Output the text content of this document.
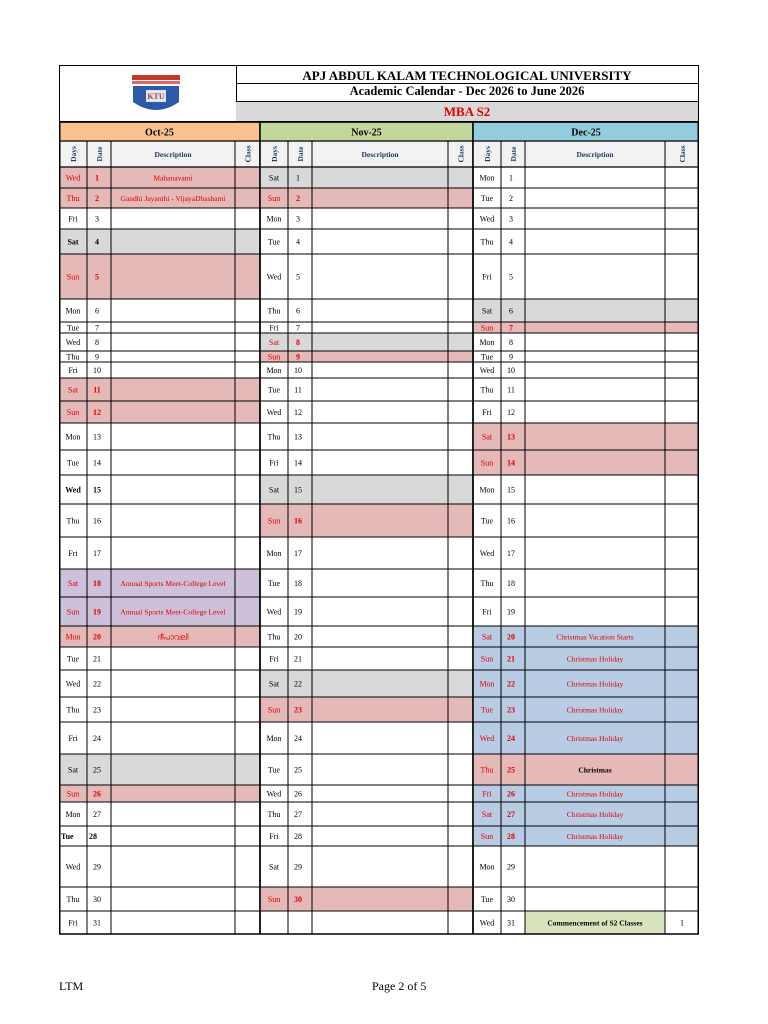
KTU
APJ ABDUL KALAM TECHNOLOGICAL UNIVERSITY
Academic Calendar - Dec 2026 to June 2026
MBA S2
Oct-25
Days Date	Description	Class
Wed 1	Mahanavami
Thu 2	Gandhi Jayanthi - VijayaDhashami
Fri 3
Sat 4
Sun 5
Mon 6
Tue 7
Wed 8
Thu 9
Fri 10
Sat 11
Sun 12
Mon 13
Tue 14
Wed 15
Thu 16
Fri 17
Sat 18	Annual Sports Meet-College Level
Sun 19	Annual Sports Meet-College Level
Mon 20	ദീപാവലി
Tue 21
Wed 22
Thu 23
Fri 24
Sat 25
Sun 26
Mon 27
Tue 28
Wed 29
Thu 30
Fri 31
Nov-25
Days Date	Description	Class
Sat 1
Sun 2
Mon 3
Tue 4
Wed 5
Thu 6
Fri 7
Sat 8
Sun 9
Mon 10
Tue 11
Wed 12
Thu 13
Fri 14
Sat 15
Sun 16
Mon 17
Tue 18
Wed 19
Thu 20
Fri 21
Sat 22
Sun 23
Mon 24
Tue 25
Wed 26
Thu 27
Fri 28
Sat 29
Sun 30
Dec-25
Days Date	Description	Class
Mon 1
Tue 2
Wed 3
Thu 4
Fri 5
Sat 6
Sun 7
Mon 8
Tue 9
Wed 10
Thu 11
Fri 12
Sat 13
Sun 14
Mon 15
Tue 16
Wed 17
Thu 18
Fri 19
Sat 20	Christmas Vacation Starts
Sun 21	Christmas Holiday
Mon 22	Christmas Holiday
Tue 23	Christmas Holiday
Wed 24	Christmas Holiday
Thu 25	Christmas
Fri 26	Christmas Holiday
Sat 27	Christmas Holiday
Sun 28	Christmas Holiday
Mon 29
Tue 30
Wed 31	Commencement of S2 Classes	1
LTM	Page 2 of 5
